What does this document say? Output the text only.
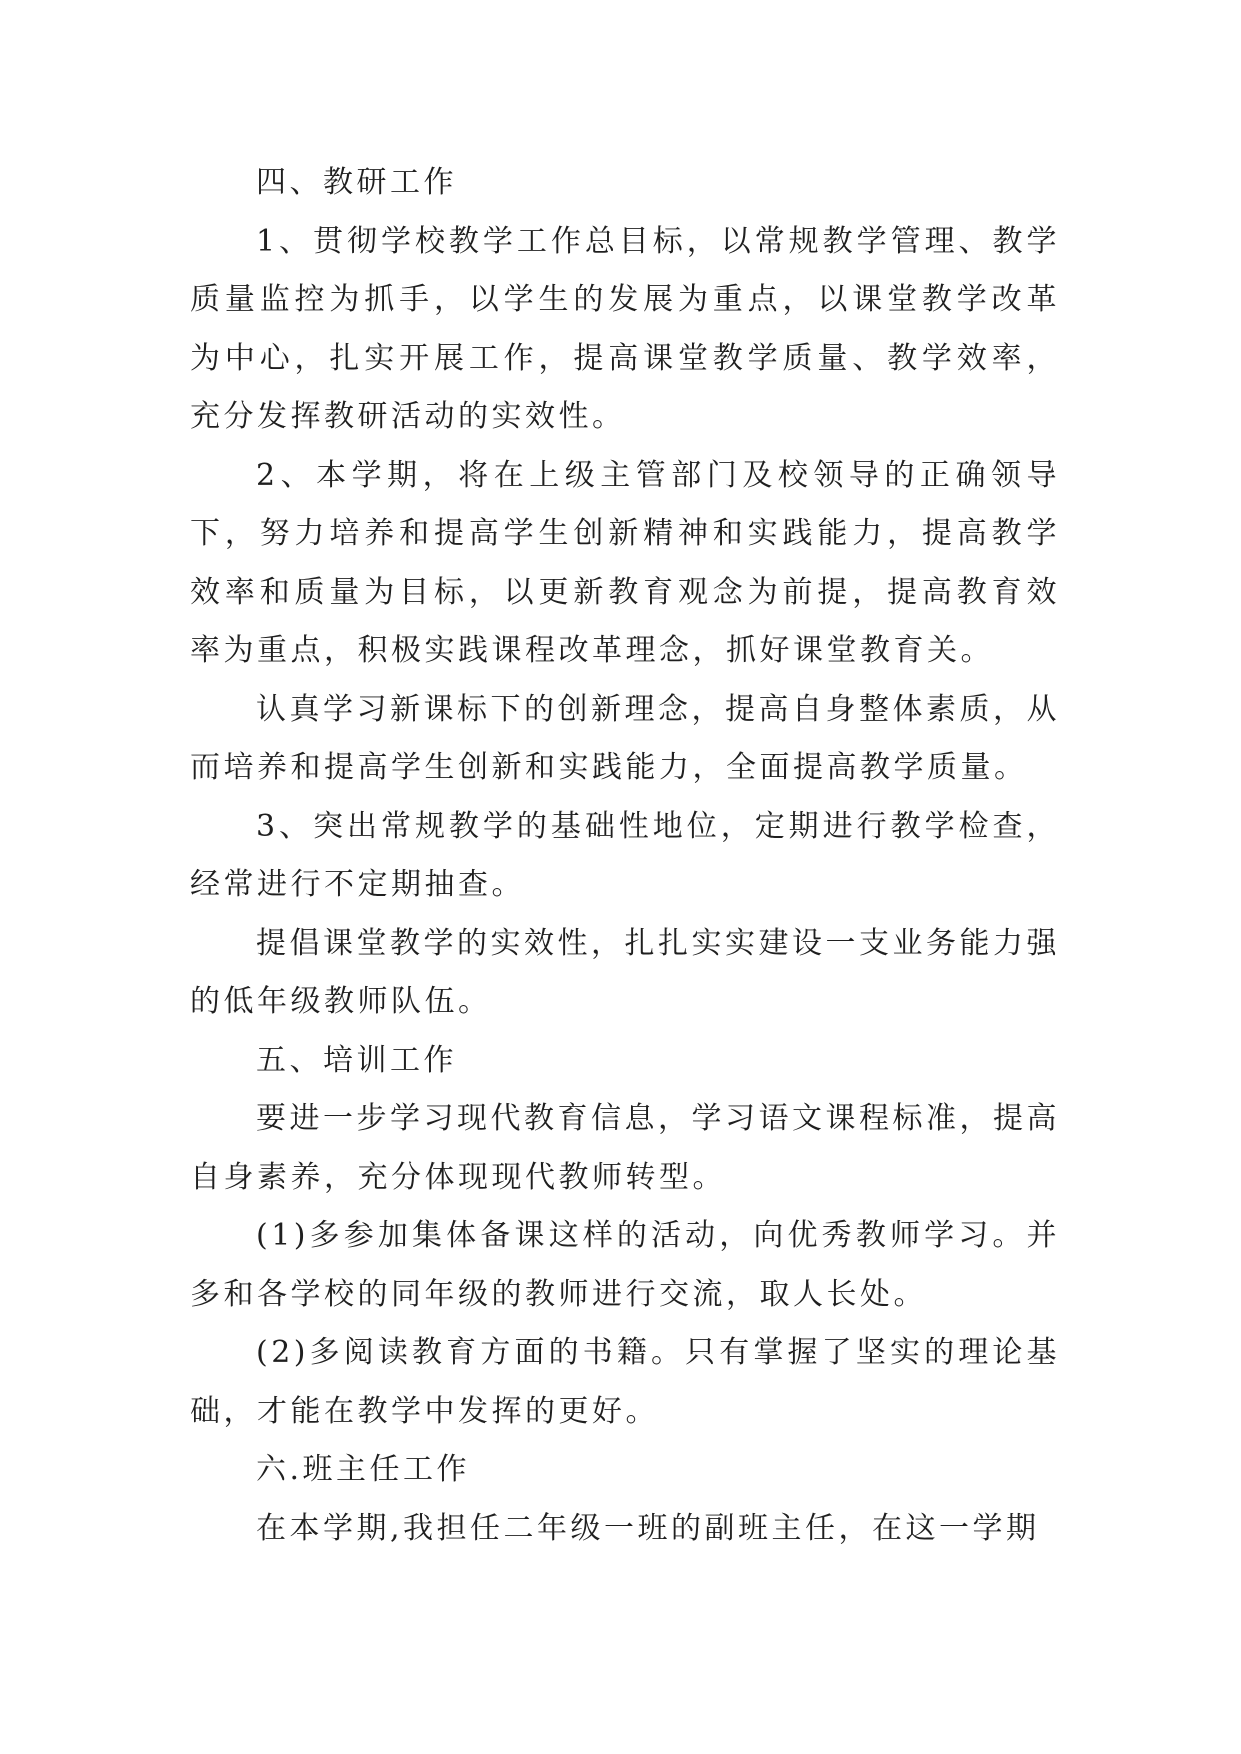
四、教研工作

1、贯彻学校教学工作总目标，以常规教学管理、教学质量监控为抓手，以学生的发展为重点，以课堂教学改革为中心，扎实开展工作，提高课堂教学质量、教学效率，充分发挥教研活动的实效性。

2、本学期，将在上级主管部门及校领导的正确领导下，努力培养和提高学生创新精神和实践能力，提高教学效率和质量为目标，以更新教育观念为前提，提高教育效率为重点，积极实践课程改革理念，抓好课堂教育关。

认真学习新课标下的创新理念，提高自身整体素质，从而培养和提高学生创新和实践能力，全面提高教学质量。

3、突出常规教学的基础性地位，定期进行教学检查，经常进行不定期抽查。

提倡课堂教学的实效性，扎扎实实建设一支业务能力强的低年级教师队伍。

五、培训工作

要进一步学习现代教育信息，学习语文课程标准，提高自身素养，充分体现现代教师转型。

(1)多参加集体备课这样的活动，向优秀教师学习。并多和各学校的同年级的教师进行交流，取人长处。

(2)多阅读教育方面的书籍。只有掌握了坚实的理论基础，才能在教学中发挥的更好。

六.班主任工作

在本学期,我担任二年级一班的副班主任，在这一学期
